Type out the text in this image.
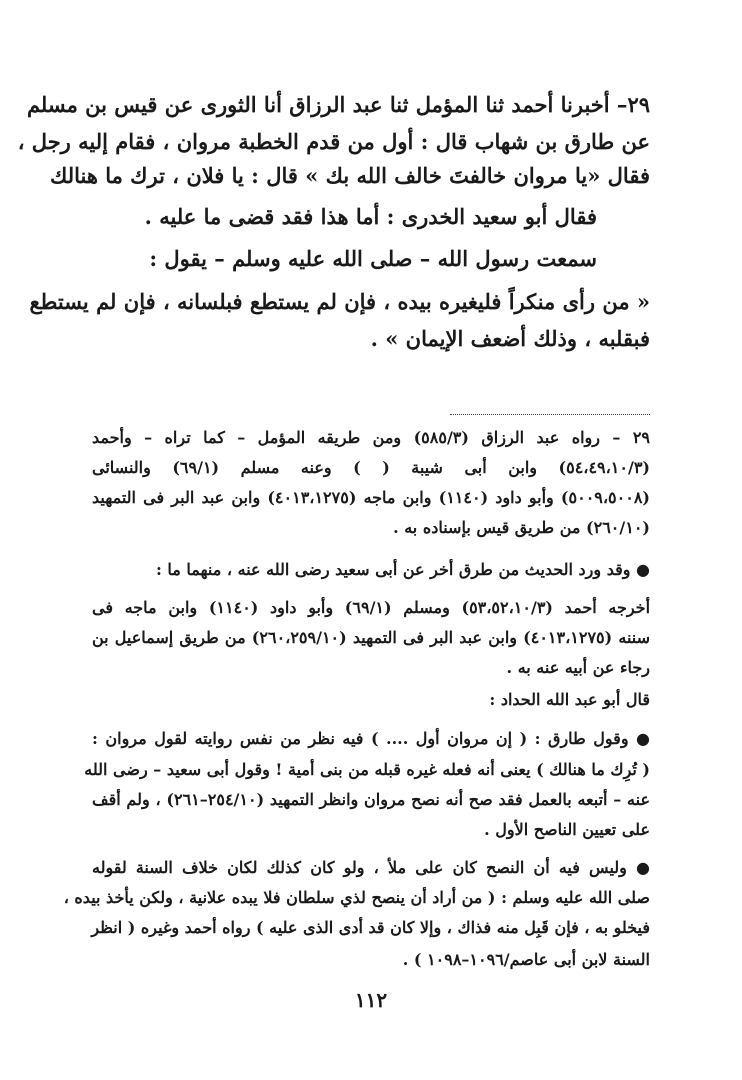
٢٩– أخبرنا أحمد ثنا المؤمل ثنا عبد الرزاق أنا الثورى عن قيس بن مسلم
عن طارق بن شهاب قال : أول من قدم الخطبة مروان ، فقام إليه رجل ،
فقال «يا مروان خالفتَ خالف الله بك » قال : يا فلان ، ترك ما هنالك
فقال أبو سعيد الخدرى : أما هذا فقد قضى ما عليه .
سمعت رسول الله – صلى الله عليه وسلم – يقول :
« من رأى منكراً فليغيره بيده ، فإن لم يستطع فبلسانه ، فإن لم يستطع
فبقلبه ، وذلك أضعف الإيمان » .
٢٩ – رواه عبد الرزاق (٥٨٥/٣) ومن طريقه المؤمل – كما تراه – وأحمد
(٥٤،٤٩،١٠/٣) وابن أبى شيبة ( ) وعنه مسلم (٦٩/١) والنسائى
(٥٠٠٩،٥٠٠٨) وأبو داود (١١٤٠) وابن ماجه (٤٠١٣،١٢٧٥) وابن عبد البر فى التمهيد
(٢٦٠/١٠) من طريق قيس بإسناده به .
● وقد ورد الحديث من طرق أخر عن أبى سعيد رضى الله عنه ، منهما ما :
أخرجه أحمد (٥٣،٥٢،١٠/٣) ومسلم (٦٩/١) وأبو داود (١١٤٠) وابن ماجه فى
سننه (٤٠١٣،١٢٧٥) وابن عبد البر فى التمهيد (٢٦٠،٢٥٩/١٠) من طريق إسماعيل بن
رجاء عن أبيه عنه به .
قال أبو عبد الله الحداد :
● وقول طارق : ( إن مروان أول .... ) فيه نظر من نفس روايته لقول مروان :
( تُرِك ما هنالك ) يعنى أنه فعله غيره قبله من بنى أمية ! وقول أبى سعيد – رضى الله
عنه – أتبعه بالعمل فقد صح أنه نصح مروان وانظر التمهيد (٢٥٤/١٠–٢٦١) ، ولم أقف
على تعيين الناصح الأول .
● وليس فيه أن النصح كان على ملأ ، ولو كان كذلك لكان خلاف السنة لقوله
صلى الله عليه وسلم : ( من أراد أن ينصح لذي سلطان فلا يبده علانية ، ولكن يأخذ بيده ،
فيخلو به ، فإن قَبِل منه فذاك ، وإلا كان قد أدى الذى عليه ) رواه أحمد وغيره ( انظر
السنة لابن أبى عاصم/١٠٩٦–١٠٩٨ ) .
١١٢
